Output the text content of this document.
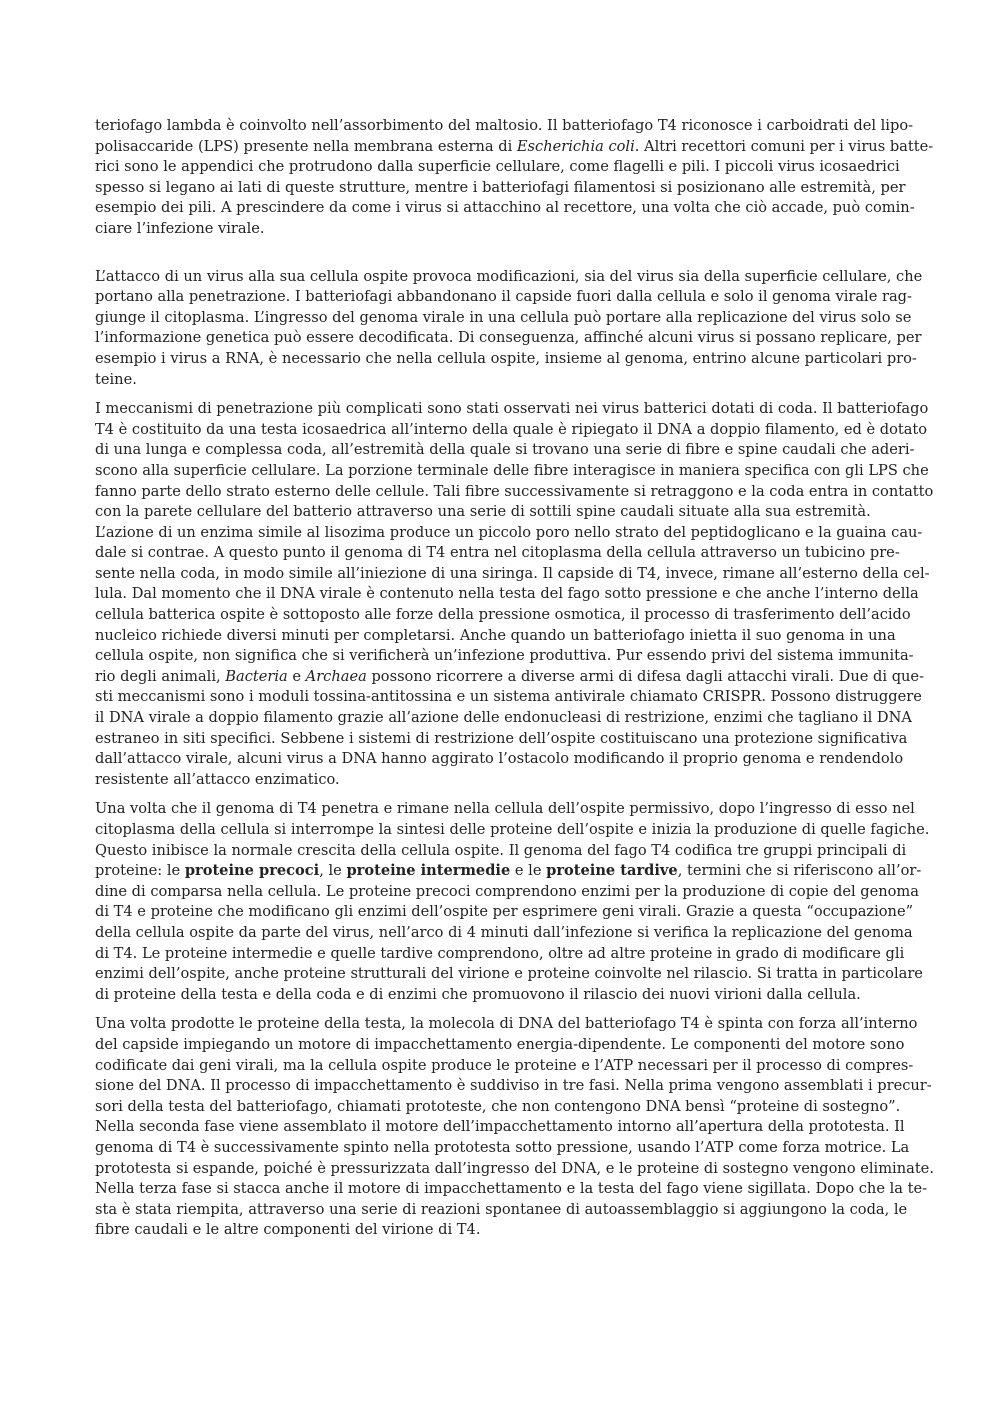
teriofago lambda è coinvolto nell’assorbimento del maltosio. Il batteriofago T4 riconosce i carboidrati del lipo-
polisaccaride (LPS) presente nella membrana esterna di Escherichia coli. Altri recettori comuni per i virus batte-
rici sono le appendici che protrudono dalla superficie cellulare, come flagelli e pili. I piccoli virus icosaedrici
spesso si legano ai lati di queste strutture, mentre i batteriofagi filamentosi si posizionano alle estremità, per
esempio dei pili. A prescindere da come i virus si attacchino al recettore, una volta che ciò accade, può comin-
ciare l’infezione virale.

L’attacco di un virus alla sua cellula ospite provoca modificazioni, sia del virus sia della superficie cellulare, che
portano alla penetrazione. I batteriofagi abbandonano il capside fuori dalla cellula e solo il genoma virale rag-
giunge il citoplasma. L’ingresso del genoma virale in una cellula può portare alla replicazione del virus solo se
l’informazione genetica può essere decodificata. Di conseguenza, affinché alcuni virus si possano replicare, per
esempio i virus a RNA, è necessario che nella cellula ospite, insieme al genoma, entrino alcune particolari pro-
teine.

I meccanismi di penetrazione più complicati sono stati osservati nei virus batterici dotati di coda. Il batteriofago
T4 è costituito da una testa icosaedrica all’interno della quale è ripiegato il DNA a doppio filamento, ed è dotato
di una lunga e complessa coda, all’estremità della quale si trovano una serie di fibre e spine caudali che aderi-
scono alla superficie cellulare. La porzione terminale delle fibre interagisce in maniera specifica con gli LPS che
fanno parte dello strato esterno delle cellule. Tali fibre successivamente si retraggono e la coda entra in contatto
con la parete cellulare del batterio attraverso una serie di sottili spine caudali situate alla sua estremità.
L’azione di un enzima simile al lisozima produce un piccolo poro nello strato del peptidoglicano e la guaina cau-
dale si contrae. A questo punto il genoma di T4 entra nel citoplasma della cellula attraverso un tubicino pre-
sente nella coda, in modo simile all’iniezione di una siringa. Il capside di T4, invece, rimane all’esterno della cel-
lula. Dal momento che il DNA virale è contenuto nella testa del fago sotto pressione e che anche l’interno della
cellula batterica ospite è sottoposto alle forze della pressione osmotica, il processo di trasferimento dell’acido
nucleico richiede diversi minuti per completarsi. Anche quando un batteriofago inietta il suo genoma in una
cellula ospite, non significa che si verificherà un’infezione produttiva. Pur essendo privi del sistema immunita-
rio degli animali, Bacteria e Archaea possono ricorrere a diverse armi di difesa dagli attacchi virali. Due di que-
sti meccanismi sono i moduli tossina-antitossina e un sistema antivirale chiamato CRISPR. Possono distruggere
il DNA virale a doppio filamento grazie all’azione delle endonucleasi di restrizione, enzimi che tagliano il DNA
estraneo in siti specifici. Sebbene i sistemi di restrizione dell’ospite costituiscano una protezione significativa
dall’attacco virale, alcuni virus a DNA hanno aggirato l’ostacolo modificando il proprio genoma e rendendolo
resistente all’attacco enzimatico.

Una volta che il genoma di T4 penetra e rimane nella cellula dell’ospite permissivo, dopo l’ingresso di esso nel
citoplasma della cellula si interrompe la sintesi delle proteine dell’ospite e inizia la produzione di quelle fagiche.
Questo inibisce la normale crescita della cellula ospite. Il genoma del fago T4 codifica tre gruppi principali di
proteine: le proteine precoci, le proteine intermedie e le proteine tardive, termini che si riferiscono all’or-
dine di comparsa nella cellula. Le proteine precoci comprendono enzimi per la produzione di copie del genoma
di T4 e proteine che modificano gli enzimi dell’ospite per esprimere geni virali. Grazie a questa “occupazione”
della cellula ospite da parte del virus, nell’arco di 4 minuti dall’infezione si verifica la replicazione del genoma
di T4. Le proteine intermedie e quelle tardive comprendono, oltre ad altre proteine in grado di modificare gli
enzimi dell’ospite, anche proteine strutturali del virione e proteine coinvolte nel rilascio. Si tratta in particolare
di proteine della testa e della coda e di enzimi che promuovono il rilascio dei nuovi virioni dalla cellula.

Una volta prodotte le proteine della testa, la molecola di DNA del batteriofago T4 è spinta con forza all’interno
del capside impiegando un motore di impacchettamento energia-dipendente. Le componenti del motore sono
codificate dai geni virali, ma la cellula ospite produce le proteine e l’ATP necessari per il processo di compres-
sione del DNA. Il processo di impacchettamento è suddiviso in tre fasi. Nella prima vengono assemblati i precur-
sori della testa del batteriofago, chiamati prototeste, che non contengono DNA bensì “proteine di sostegno”.
Nella seconda fase viene assemblato il motore dell’impacchettamento intorno all’apertura della prototesta. Il
genoma di T4 è successivamente spinto nella prototesta sotto pressione, usando l’ATP come forza motrice. La
prototesta si espande, poiché è pressurizzata dall’ingresso del DNA, e le proteine di sostegno vengono eliminate.
Nella terza fase si stacca anche il motore di impacchettamento e la testa del fago viene sigillata. Dopo che la te-
sta è stata riempita, attraverso una serie di reazioni spontanee di autoassemblaggio si aggiungono la coda, le
fibre caudali e le altre componenti del virione di T4.
